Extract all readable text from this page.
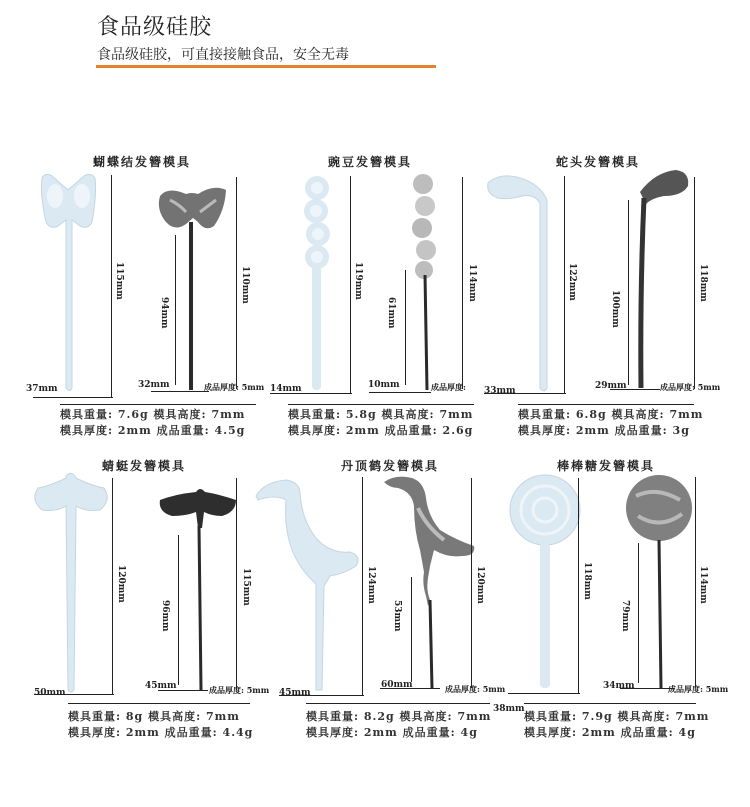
食品级硅胶
食品级硅胶，可直接接触食品，安全无毒
蝴蝶结发簪模具
115mm
37mm
94mm
110mm
32mm	成品厚度: 5mm
模具重量: 7.6g 模具高度: 7mm
模具厚度: 2mm 成品重量: 4.5g
豌豆发簪模具
119mm
14mm
61mm
114mm
10mm	成品厚度:
模具重量: 5.8g 模具高度: 7mm
模具厚度: 2mm 成品重量: 2.6g
蛇头发簪模具
122mm
33mm
100mm
118mm
29mm	成品厚度: 5mm
模具重量: 6.8g 模具高度: 7mm
模具厚度: 2mm 成品重量: 3g
蜻蜓发簪模具
120mm
50mm
96mm
115mm
45mm	成品厚度: 5mm
模具重量: 8g 模具高度: 7mm
模具厚度: 2mm 成品重量: 4.4g
丹顶鹤发簪模具
124mm
45mm
53mm
120mm
60mm	成品厚度: 5mm
模具重量: 8.2g 模具高度: 7mm
模具厚度: 2mm 成品重量: 4g
棒棒糖发簪模具
118mm
38mm
79mm
114mm
34mm	成品厚度: 5mm
模具重量: 7.9g 模具高度: 7mm
模具厚度: 2mm 成品重量: 4g
